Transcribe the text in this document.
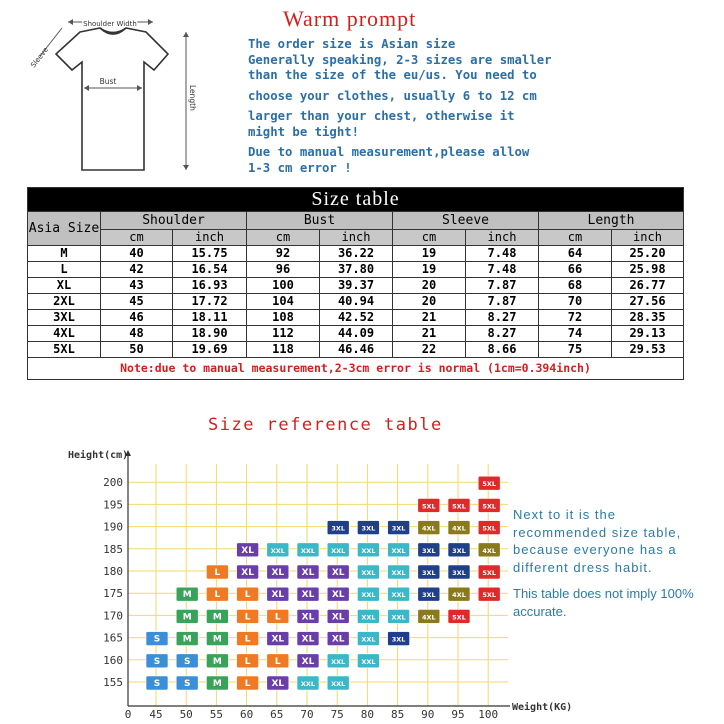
Shoulder Width
Sleeve
Bust
Length
Warm prompt
The order size is Asian size
Generally speaking, 2-3 sizes are smaller
than the size of the eu/us. You need to
choose your clothes, usually 6 to 12 cm
larger than your chest, otherwise it
might be tight!
Due to manual measurement,please allow
1-3 cm error !
Size table								
Asia Size	Shoulder		Bust		Sleeve		Length	
	cm	inch	cm	inch	cm	inch	cm	inch
M	40	15.75	92	36.22	19	7.48	64	25.20
L	42	16.54	96	37.80	19	7.48	66	25.98
XL	43	16.93	100	39.37	20	7.87	68	26.77
2XL	45	17.72	104	40.94	20	7.87	70	27.56
3XL	46	18.11	108	42.52	21	8.27	72	28.35
4XL	48	18.90	112	44.09	21	8.27	74	29.13
5XL	50	19.69	118	46.46	22	8.66	75	29.53
Note:due to manual measurement,2-3cm error is normal (1cm=0.394inch)								
Size reference table
Height(cm)
Weight(KG)
200
195
190
185
180
175
170
165
160
155
0 45 50 55 60 65 70 75 80 85 90 95 100
5XL
5XL	5XL	5XL
3XL	3XL	3XL	4XL	4XL	5XL
XL	XXL XXL XXL XXL XXL	3XL	3XL	4XL
L XL XL XL XL	XXL XXL	3XL	3XL	5XL
M	L	L XL XL XL	XXL XXL	3XL	4XL	5XL
M M	L	L XL XL	XXL XXL	4XL	5XL
S M M	L XL XL XL	XXL	3XL
S	S M	L	L XL	XXL XXL
S	S M	L XL	XXL XXL
Next to it is the recommended size table, because everyone has a different dress habit.
This table does not imply 100% accurate.
